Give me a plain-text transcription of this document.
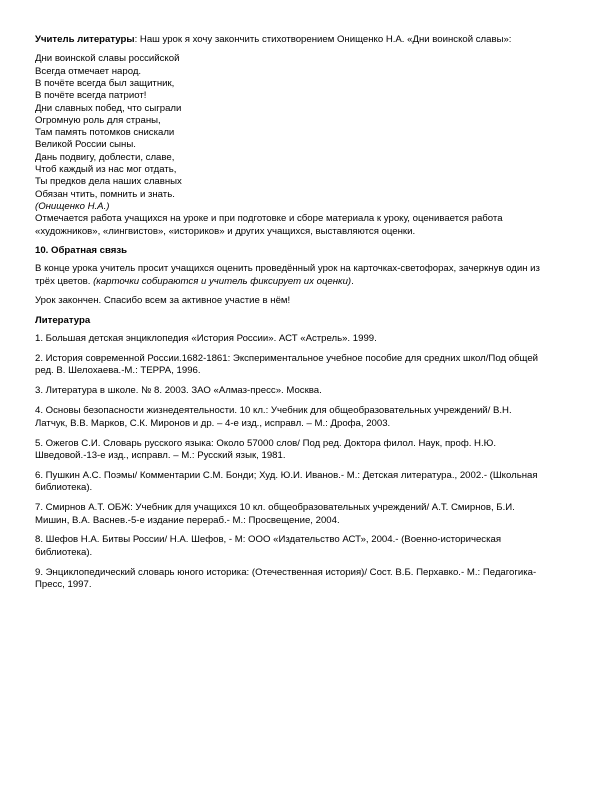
Учитель литературы: Наш урок я хочу закончить стихотворением Онищенко Н.А. «Дни воинской славы»:

Дни воинской славы российской

Всегда отмечает народ.

В почёте всегда был защитник,

В почёте всегда патриот!

Дни славных побед, что сыграли

Огромную роль для страны,

Там память потомков снискали

Великой России сыны.

Дань подвигу, доблести, славе,

Чтоб каждый из нас мог отдать,

Ты предков дела наших славных

Обязан чтить, помнить и знать.

(Онищенко Н.А.)

Отмечается работа учащихся на уроке и при подготовке и сборе материала к уроку, оценивается работа

«художников», «лингвистов», «историков» и других учащихся, выставляются оценки.

10. Обратная связь

В конце урока учитель просит учащихся оценить проведённый урок на карточках-светофорах, зачеркнув один из

трёх цветов. (карточки собираются и учитель фиксирует их оценки).

Урок закончен. Спасибо всем за активное участие в нём!

Литература

1. Большая детская энциклопедия «История России». АСТ «Астрель». 1999.

2. История современной России.1682-1861: Экспериментальное учебное пособие для средних школ/Под общей

ред. В. Шелохаева.-М.: ТЕРРА, 1996.

3. Литература в школе. № 8. 2003. ЗАО «Алмаз-пресс». Москва.

4. Основы безопасности жизнедеятельности. 10 кл.: Учебник для общеобразовательных учреждений/ В.Н.

Латчук, В.В. Марков, С.К. Миронов и др. – 4-е изд., исправл. – М.: Дрофа, 2003.

5. Ожегов С.И. Словарь русского языка: Около 57000 слов/ Под ред. Доктора филол. Наук, проф. Н.Ю.

Шведовой.-13-е изд., исправл. – М.: Русский язык, 1981.

6. Пушкин А.С. Поэмы/ Комментарии С.М. Бонди; Худ. Ю.И. Иванов.- М.: Детская литература., 2002.- (Школьная

библиотека).

7. Смирнов А.Т. ОБЖ: Учебник для учащихся 10 кл. общеобразовательных учреждений/ А.Т. Смирнов, Б.И.

Мишин, В.А. Васнев.-5-е издание перераб.- М.: Просвещение, 2004.

8. Шефов Н.А. Битвы России/ Н.А. Шефов, - М: ООО «Издательство АСТ», 2004.- (Военно-историческая

библиотека).

9. Энциклопедический словарь юного историка: (Отечественная история)/ Сост. В.Б. Перхавко.- М.: Педагогика-

Пресс, 1997.
